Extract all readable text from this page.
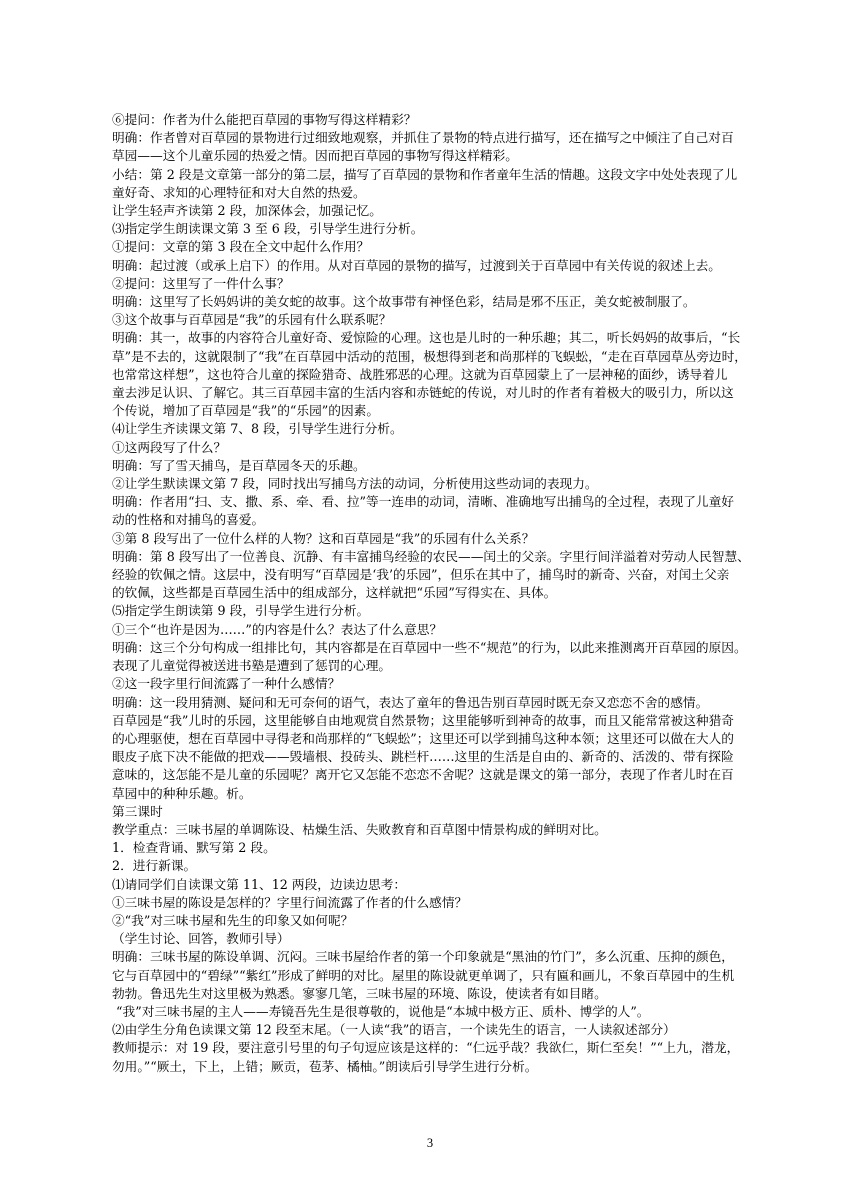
⑥提问：作者为什么能把百草园的事物写得这样精彩？

明确：作者曾对百草园的景物进行过细致地观察，并抓住了景物的特点进行描写，还在描写之中倾注了自己对百

草园——这个儿童乐园的热爱之情。因而把百草园的事物写得这样精彩。

小结：第 2 段是文章第一部分的第二层，描写了百草园的景物和作者童年生活的情趣。这段文字中处处表现了儿

童好奇、求知的心理特征和对大自然的热爱。

让学生轻声齐读第 2 段，加深体会，加强记忆。

⑶指定学生朗读课文第 3 至 6 段，引导学生进行分析。

①提问：文章的第 3 段在全文中起什么作用？

明确：起过渡（或承上启下）的作用。从对百草园的景物的描写，过渡到关于百草园中有关传说的叙述上去。

②提问：这里写了一件什么事？

明确：这里写了长妈妈讲的美女蛇的故事。这个故事带有神怪色彩，结局是邪不压正，美女蛇被制服了。

③这个故事与百草园是“我”的乐园有什么联系呢？

明确：其一，故事的内容符合儿童好奇、爱惊险的心理。这也是儿时的一种乐趣；其二，听长妈妈的故事后，“长

草”是不去的，这就限制了“我”在百草园中活动的范围，极想得到老和尚那样的飞蜈蚣，“走在百草园草丛旁边时，

也常常这样想”，这也符合儿童的探险猎奇、战胜邪恶的心理。这就为百草园蒙上了一层神秘的面纱，诱导着儿

童去涉足认识、了解它。其三百草园丰富的生活内容和赤链蛇的传说，对儿时的作者有着极大的吸引力，所以这

个传说，增加了百草园是“我”的“乐园”的因素。

⑷让学生齐读课文第 7、8 段，引导学生进行分析。

①这两段写了什么？

明确：写了雪天捕鸟，是百草园冬天的乐趣。

②让学生默读课文第 7 段，同时找出写捕鸟方法的动词，分析使用这些动词的表现力。

明确：作者用“扫、支、撒、系、牵、看、拉”等一连串的动词，清晰、准确地写出捕鸟的全过程，表现了儿童好

动的性格和对捕鸟的喜爱。

③第 8 段写出了一位什么样的人物？这和百草园是“我”的乐园有什么关系？

明确：第 8 段写出了一位善良、沉静、有丰富捕鸟经验的农民——闰土的父亲。字里行间洋溢着对劳动人民智慧、

经验的钦佩之情。这层中，没有明写“百草园是‘我’的乐园”，但乐在其中了，捕鸟时的新奇、兴奋，对闰土父亲

的钦佩，这些都是百草园生活中的组成部分，这样就把“乐园”写得实在、具体。

⑸指定学生朗读第 9 段，引导学生进行分析。

①三个“也许是因为……”的内容是什么？表达了什么意思？

明确：这三个分句构成一组排比句，其内容都是在百草园中一些不“规范”的行为，以此来推测离开百草园的原因。

表现了儿童觉得被送进书塾是遭到了惩罚的心理。

②这一段字里行间流露了一种什么感情？

明确：这一段用猜测、疑问和无可奈何的语气，表达了童年的鲁迅告别百草园时既无奈又恋恋不舍的感情。

百草园是“我”儿时的乐园，这里能够自由地观赏自然景物；这里能够听到神奇的故事，而且又能常常被这种猎奇

的心理驱使，想在百草园中寻得老和尚那样的“飞蜈蚣”；这里还可以学到捕鸟这种本领；这里还可以做在大人的

眼皮子底下决不能做的把戏——毁墙根、投砖头、跳栏杆……这里的生活是自由的、新奇的、活泼的、带有探险

意味的，这怎能不是儿童的乐园呢？离开它又怎能不恋恋不舍呢？这就是课文的第一部分，表现了作者儿时在百

草园中的种种乐趣。析。

第三课时

教学重点：三味书屋的单调陈设、枯燥生活、失败教育和百草图中情景构成的鲜明对比。

1．检查背诵、默写第 2 段。

2．进行新课。

⑴请同学们自读课文第 11、12 两段，边读边思考：

①三味书屋的陈设是怎样的？字里行间流露了作者的什么感情？

②“我”对三味书屋和先生的印象又如何呢？

（学生讨论、回答，教师引导）

明确：三味书屋的陈设单调、沉闷。三味书屋给作者的第一个印象就是“黑油的竹门”，多么沉重、压抑的颜色，

它与百草园中的“碧绿”“紫红”形成了鲜明的对比。屋里的陈设就更单调了，只有匾和画儿，不象百草园中的生机

勃勃。鲁迅先生对这里极为熟悉。寥寥几笔，三味书屋的环境、陈设，使读者有如目睹。

“我”对三味书屋的主人——寿镜吾先生是很尊敬的，说他是“本城中极方正、质朴、博学的人”。

⑵由学生分角色读课文第 12 段至末尾。（一人读“我”的语言，一个读先生的语言，一人读叙述部分）

教师提示：对 19 段，要注意引号里的句子句逗应该是这样的：“仁远乎哉？我欲仁，斯仁至矣！”“上九，潜龙，

勿用。”“厥土，下上，上错；厥贡，苞茅、橘柚。”朗读后引导学生进行分析。

3
